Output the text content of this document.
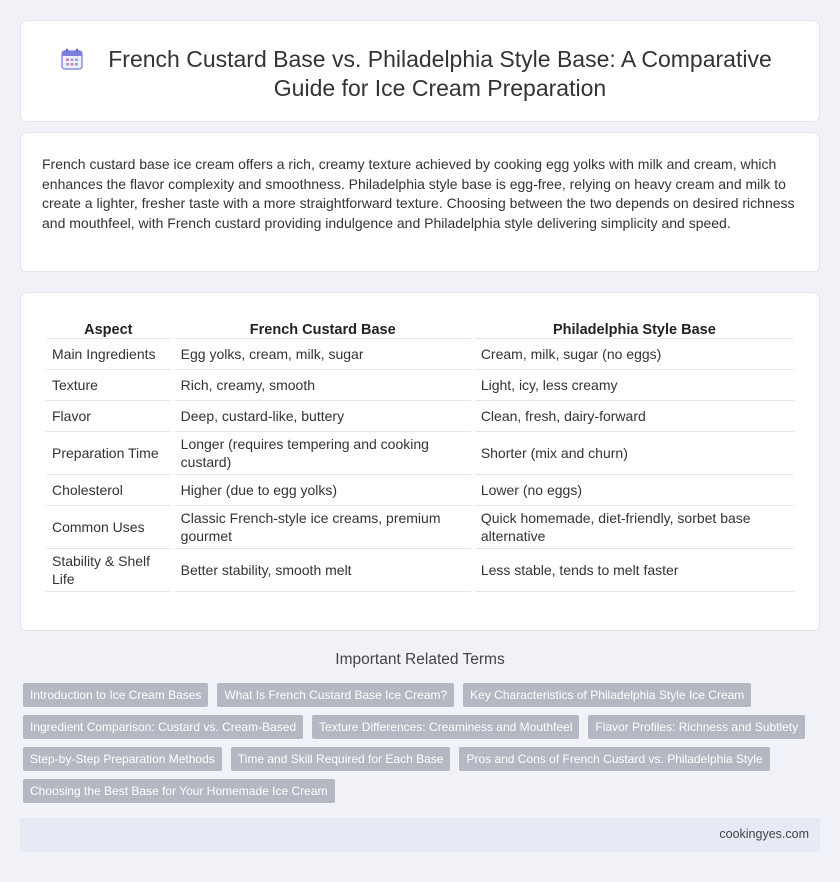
French Custard Base vs. Philadelphia Style Base: A Comparative Guide for Ice Cream Preparation

French custard base ice cream offers a rich, creamy texture achieved by cooking egg yolks with milk and cream, which enhances the flavor complexity and smoothness. Philadelphia style base is egg-free, relying on heavy cream and milk to create a lighter, fresher taste with a more straightforward texture. Choosing between the two depends on desired richness and mouthfeel, with French custard providing indulgence and Philadelphia style delivering simplicity and speed.

Aspect	French Custard Base	Philadelphia Style Base
Main Ingredients	Egg yolks, cream, milk, sugar	Cream, milk, sugar (no eggs)
Texture	Rich, creamy, smooth	Light, icy, less creamy
Flavor	Deep, custard-like, buttery	Clean, fresh, dairy-forward
Preparation Time	Longer (requires tempering and cooking custard)	Shorter (mix and churn)
Cholesterol	Higher (due to egg yolks)	Lower (no eggs)
Common Uses	Classic French-style ice creams, premium gourmet	Quick homemade, diet-friendly, sorbet base alternative
Stability & Shelf Life	Better stability, smooth melt	Less stable, tends to melt faster
Important Related Terms
Introduction to Ice Cream Bases	What Is French Custard Base Ice Cream?	Key Characteristics of Philadelphia Style Ice Cream
Ingredient Comparison: Custard vs. Cream-Based	Texture Differences: Creaminess and Mouthfeel	Flavor Profiles: Richness and Subtlety
Step-by-Step Preparation Methods	Time and Skill Required for Each Base	Pros and Cons of French Custard vs. Philadelphia Style
Choosing the Best Base for Your Homemade Ice Cream
cookingyes.com
